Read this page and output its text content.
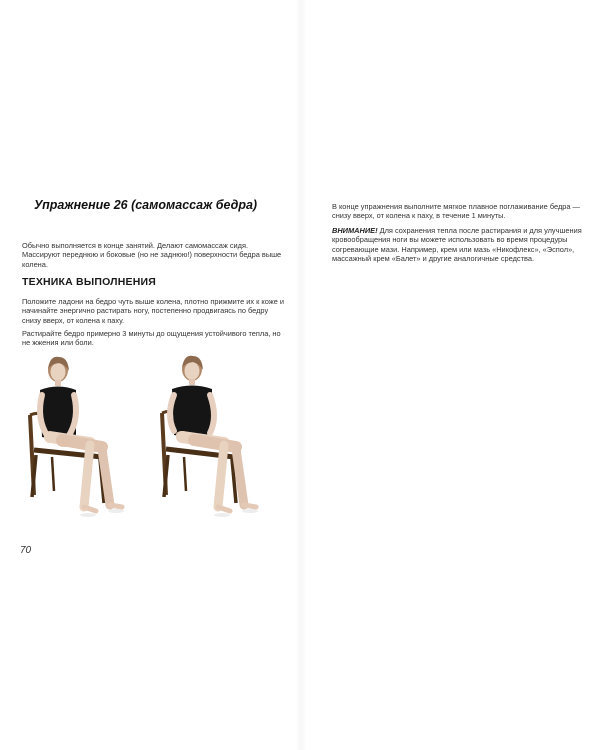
Упражнение 26 (самомассаж бедра)

Обычно выполняется в конце занятий. Делают самомассаж сидя. Массируют переднюю и боковые (но не заднюю!) поверхности бедра выше колена.

ТЕХНИКА ВЫПОЛНЕНИЯ

Положите ладони на бедро чуть выше колена, плотно прижмите их к коже и начинайте энергично растирать ногу, постепенно продвигаясь по бедру снизу вверх, от колена к паху.

Растирайте бедро примерно 3 минуты до ощущения устойчивого тепла, но не жжения или боли.

70

В конце упражнения выполните мягкое плавное поглаживание бедра — снизу вверх, от колена к паху, в течение 1 минуты.

ВНИМАНИЕ! Для сохранения тепла после растирания и для улучшения кровообращения ноги вы можете использовать во время процедуры согревающие мази. Например, крем или мазь «Никофлекс», «Эспол», массажный крем «Балет» и другие аналогичные средства.
